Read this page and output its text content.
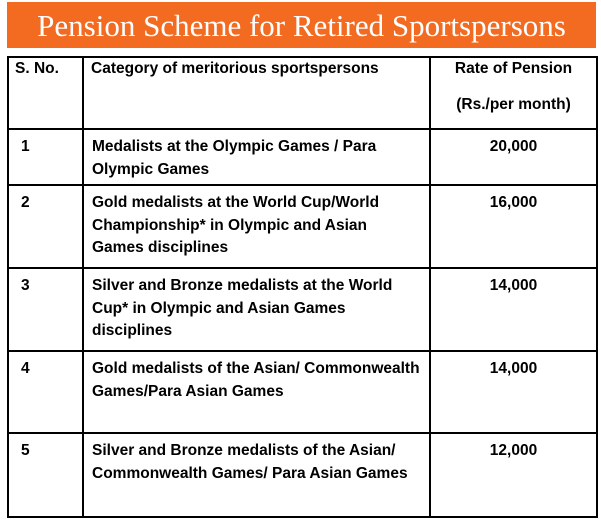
Pension Scheme for Retired Sportspersons
S. No.	Category of meritorious sportspersons	Rate of Pension
(Rs./per month)

1	Medalists at the Olympic Games / Para Olympic Games	20,000
2	Gold medalists at the World Cup/World Championship* in Olympic and Asian Games disciplines	16,000
3	Silver and Bronze medalists at the World Cup* in Olympic and Asian Games disciplines	14,000
4	Gold medalists of the Asian/ Commonwealth Games/Para Asian Games	14,000
5	Silver and Bronze medalists of the Asian/ Commonwealth Games/ Para Asian Games	12,000
